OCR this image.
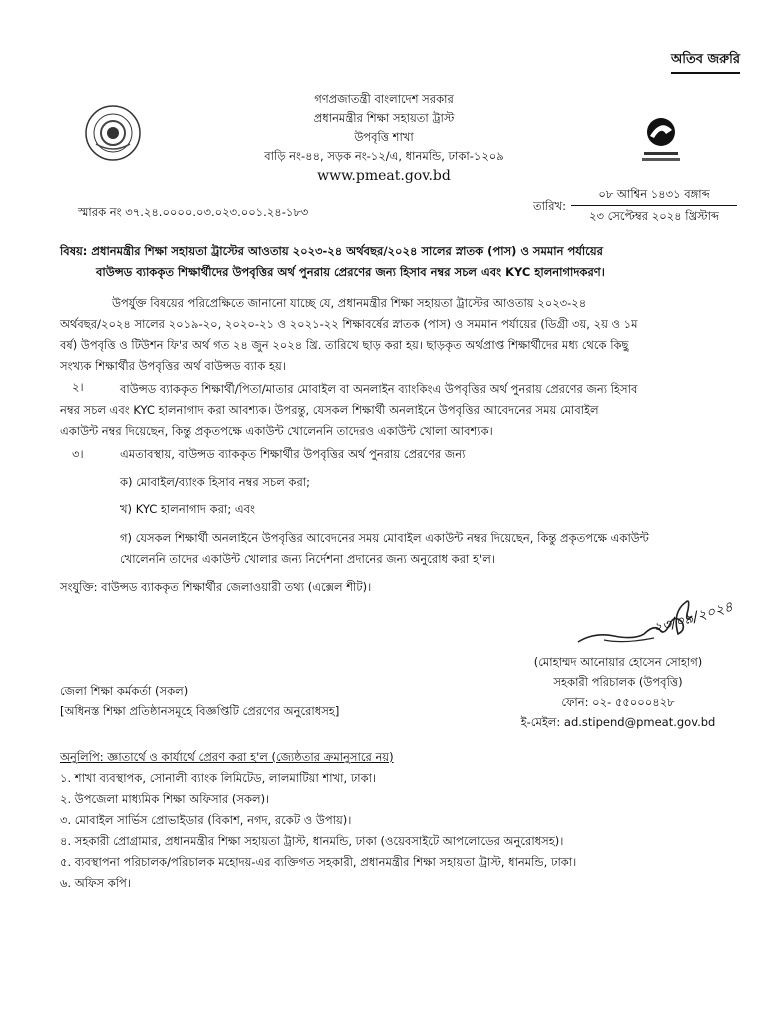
অতিব জরুরি
গণপ্রজাতন্ত্রী বাংলাদেশ সরকার
প্রধানমন্ত্রীর শিক্ষা সহায়তা ট্রাস্ট
উপবৃত্তি শাখা
বাড়ি নং-৪৪, সড়ক নং-১২/এ, ধানমন্ডি, ঢাকা-১২০৯
www.pmeat.gov.bd
স্মারক নং ৩৭.২৪.০০০০.০৩.০২৩.০০১.২৪-১৮৩	তারিখ:
০৮ আশ্বিন ১৪৩১ বঙ্গাব্দ
২৩ সেপ্টেম্বর ২০২৪ খ্রিস্টাব্দ
বিষয়: প্রধানমন্ত্রীর শিক্ষা সহায়তা ট্রাস্টের আওতায় ২০২৩-২৪ অর্থবছর/২০২৪ সালের স্নাতক (পাস) ও সমমান পর্যায়ের
বাউন্সড ব্যাককৃত শিক্ষার্থীদের উপবৃত্তির অর্থ পুনরায় প্রেরণের জন্য হিসাব নম্বর সচল এবং KYC হালনাগাদকরণ।
উপর্যুক্ত বিষয়ের পরিপ্রেক্ষিতে জানানো যাচ্ছে যে, প্রধানমন্ত্রীর শিক্ষা সহায়তা ট্রাস্টের আওতায় ২০২৩-২৪
অর্থবছর/২০২৪ সালের ২০১৯-২০, ২০২০-২১ ও ২০২১-২২ শিক্ষাবর্ষের স্নাতক (পাস) ও সমমান পর্যায়ের (ডিগ্রী ৩য়, ২য় ও ১ম
বর্ষ) উপবৃত্তি ও টিউশন ফি'র অর্থ গত ২৪ জুন ২০২৪ খ্রি. তারিখে ছাড় করা হয়। ছাড়কৃত অর্থপ্রাপ্ত শিক্ষার্থীদের মধ্য থেকে কিছু
সংখ্যক শিক্ষার্থীর উপবৃত্তির অর্থ বাউন্সড ব্যাক হয়।
২।	বাউন্সড ব্যাককৃত শিক্ষার্থী/পিতা/মাতার মোবাইল বা অনলাইন ব্যাংকিংএ উপবৃত্তির অর্থ পুনরায় প্রেরণের জন্য হিসাব
নম্বর সচল এবং KYC হালনাগাদ করা আবশ্যক। উপরন্তু, যেসকল শিক্ষার্থী অনলাইনে উপবৃত্তির আবেদনের সময় মোবাইল
একাউন্ট নম্বর দিয়েছেন, কিন্তু প্রকৃতপক্ষে একাউন্ট খোলেননি তাদেরও একাউন্ট খোলা আবশ্যক।
৩।	এমতাবস্থায়, বাউন্সড ব্যাককৃত শিক্ষার্থীর উপবৃত্তির অর্থ পুনরায় প্রেরণের জন্য
ক) মোবাইল/ব্যাংক হিসাব নম্বর সচল করা;
খ) KYC হালনাগাদ করা; এবং
গ) যেসকল শিক্ষার্থী অনলাইনে উপবৃত্তির আবেদনের সময় মোবাইল একাউন্ট নম্বর দিয়েছেন, কিন্তু প্রকৃতপক্ষে একাউন্ট
খোলেননি তাদের একাউন্ট খোলার জন্য নির্দেশনা প্রদানের জন্য অনুরোধ করা হ'ল।
সংযুক্তি: বাউন্সড ব্যাককৃত শিক্ষার্থীর জেলাওয়ারী তথ্য (এক্সেল শীট)।
২৩/০৯/২০২৪
(মোহাম্মদ আনোয়ার হোসেন সোহাগ)
সহকারী পরিচালক (উপবৃত্তি)
ফোন: ০২- ৫৫০০০৪২৮
ই-মেইল: ad.stipend@pmeat.gov.bd
জেলা শিক্ষা কর্মকর্তা (সকল)
[অধিনস্ত শিক্ষা প্রতিষ্ঠানসমূহে বিজ্ঞপ্তিটি প্রেরণের অনুরোধসহ]
অনুলিপি: জ্ঞাতার্থে ও কার্যার্থে প্রেরণ করা হ'ল (জ্যেষ্ঠতার ক্রমানুসারে নয়)
১. শাখা ব্যবস্থাপক, সোনালী ব্যাংক লিমিটেড, লালমাটিয়া শাখা, ঢাকা।
২. উপজেলা মাধ্যমিক শিক্ষা অফিসার (সকল)।
৩. মোবাইল সার্ভিস প্রোভাইডার (বিকাশ, নগদ, রকেট ও উপায়)।
৪. সহকারী প্রোগ্রামার, প্রধানমন্ত্রীর শিক্ষা সহায়তা ট্রাস্ট, ধানমন্ডি, ঢাকা (ওয়েবসাইটে আপলোডের অনুরোধসহ)।
৫. ব্যবস্থাপনা পরিচালক/পরিচালক মহোদয়-এর ব্যক্তিগত সহকারী, প্রধানমন্ত্রীর শিক্ষা সহায়তা ট্রাস্ট, ধানমন্ডি, ঢাকা।
৬. অফিস কপি।
